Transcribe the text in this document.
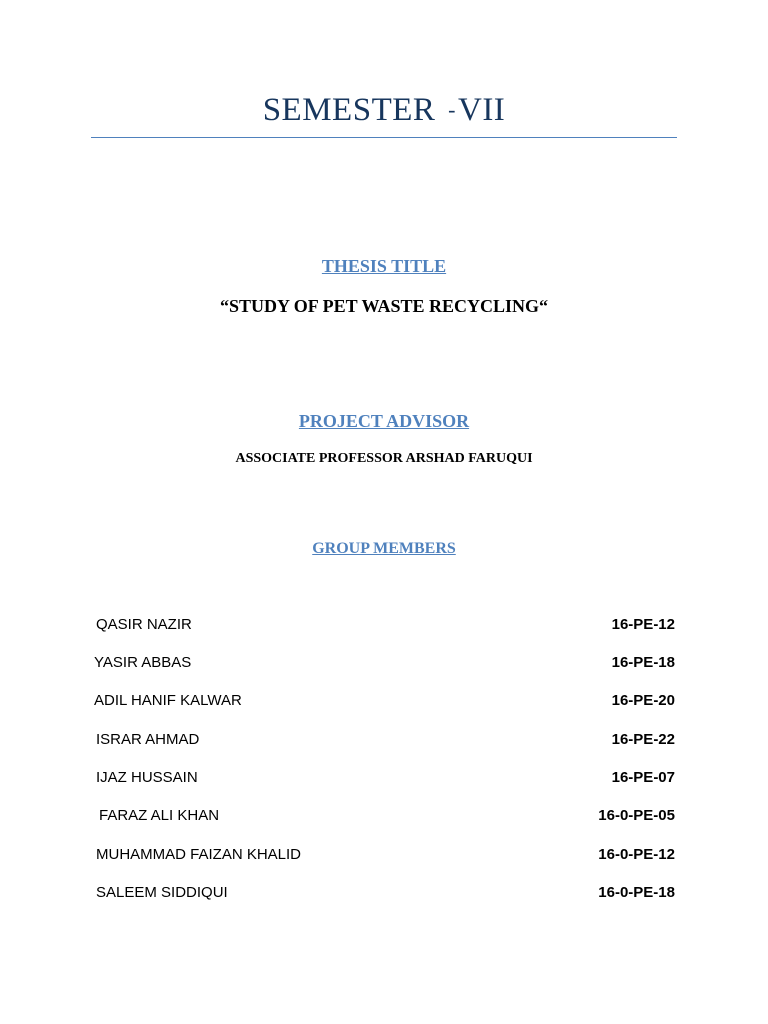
SEMESTER -VII
THESIS TITLE
“STUDY OF PET WASTE RECYCLING“
PROJECT ADVISOR
ASSOCIATE PROFESSOR ARSHAD FARUQUI
GROUP MEMBERS
QASIR NAZIR	16-PE-12
YASIR ABBAS	16-PE-18
ADIL HANIF KALWAR	16-PE-20
ISRAR AHMAD	16-PE-22
IJAZ HUSSAIN	16-PE-07
FARAZ ALI KHAN	16-0-PE-05
MUHAMMAD FAIZAN KHALID	16-0-PE-12
SALEEM SIDDIQUI	16-0-PE-18
